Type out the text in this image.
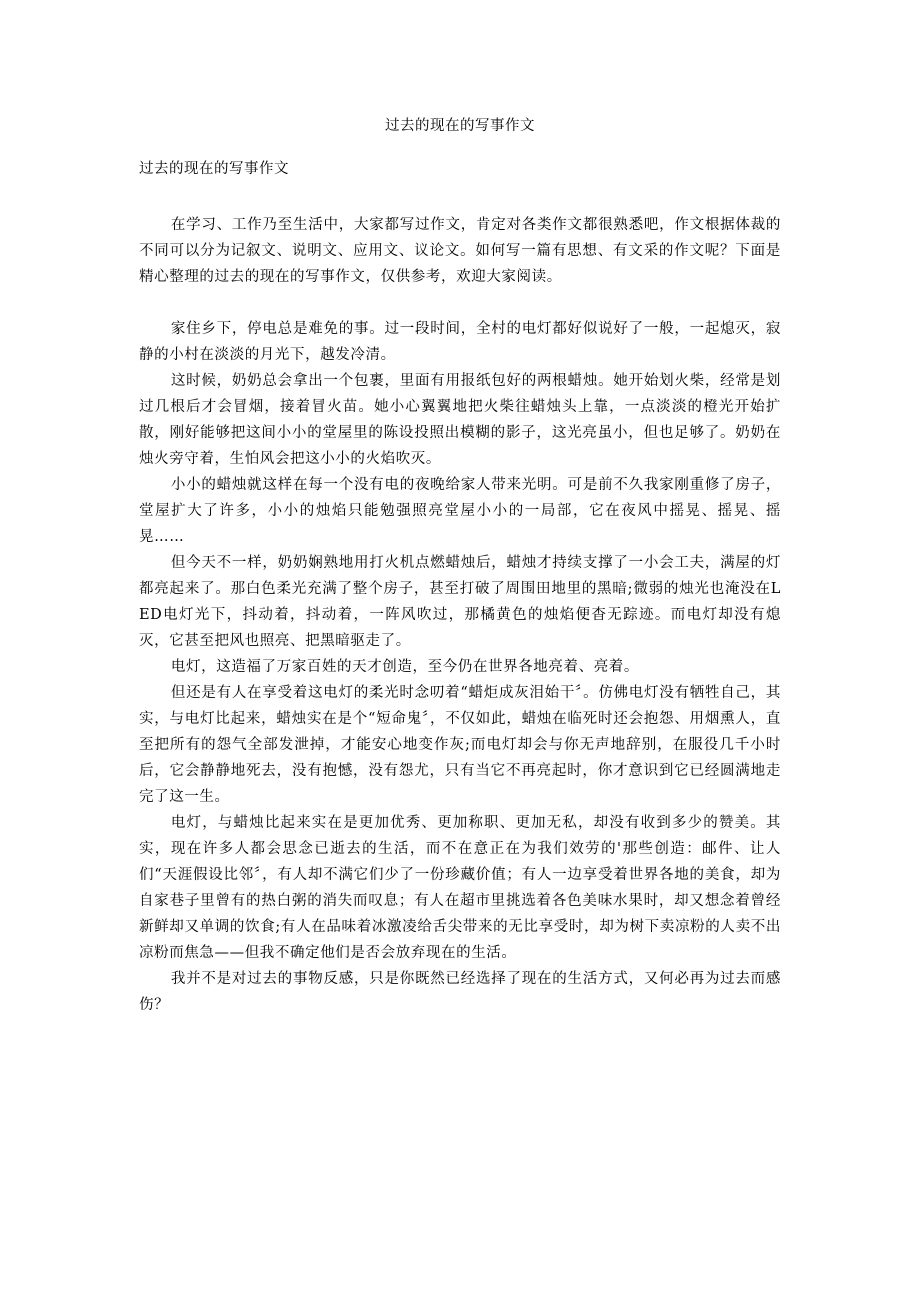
过去的现在的写事作文
过去的现在的写事作文

在学习、工作乃至生活中，大家都写过作文，肯定对各类作文都很熟悉吧，作文根据体裁的不同可以分为记叙文、说明文、应用文、议论文。如何写一篇有思想、有文采的作文呢？下面是精心整理的过去的现在的写事作文，仅供参考，欢迎大家阅读。

家住乡下，停电总是难免的事。过一段时间，全村的电灯都好似说好了一般，一起熄灭，寂静的小村在淡淡的月光下，越发冷清。

这时候，奶奶总会拿出一个包裹，里面有用报纸包好的两根蜡烛。她开始划火柴，经常是划过几根后才会冒烟，接着冒火苗。她小心翼翼地把火柴往蜡烛头上靠，一点淡淡的橙光开始扩散，刚好能够把这间小小的堂屋里的陈设投照出模糊的影子，这光亮虽小，但也足够了。奶奶在烛火旁守着，生怕风会把这小小的火焰吹灭。

小小的蜡烛就这样在每一个没有电的夜晚给家人带来光明。可是前不久我家刚重修了房子，堂屋扩大了许多，小小的烛焰只能勉强照亮堂屋小小的一局部，它在夜风中摇晃、摇晃、摇晃……

但今天不一样，奶奶娴熟地用打火机点燃蜡烛后，蜡烛才持续支撑了一小会工夫，满屋的灯都亮起来了。那白色柔光充满了整个房子，甚至打破了周围田地里的黑暗;微弱的烛光也淹没在LED电灯光下，抖动着，抖动着，一阵风吹过，那橘黄色的烛焰便杳无踪迹。而电灯却没有熄灭，它甚至把风也照亮、把黑暗驱走了。

电灯，这造福了万家百姓的天才创造，至今仍在世界各地亮着、亮着。

但还是有人在享受着这电灯的柔光时念叨着“蜡炬成灰泪始干〞。仿佛电灯没有牺牲自己，其实，与电灯比起来，蜡烛实在是个“短命鬼〞，不仅如此，蜡烛在临死时还会抱怨、用烟熏人，直至把所有的怨气全部发泄掉，才能安心地变作灰;而电灯却会与你无声地辞别，在服役几千小时后，它会静静地死去，没有抱憾，没有怨尤，只有当它不再亮起时，你才意识到它已经圆满地走完了这一生。

电灯，与蜡烛比起来实在是更加优秀、更加称职、更加无私，却没有收到多少的赞美。其实，现在许多人都会思念已逝去的生活，而不在意正在为我们效劳的'那些创造：邮件、让人们“天涯假设比邻〞，有人却不满它们少了一份珍藏价值；有人一边享受着世界各地的美食，却为自家巷子里曾有的热白粥的消失而叹息；有人在超市里挑选着各色美味水果时，却又想念着曾经新鲜却又单调的饮食;有人在品味着冰激凌给舌尖带来的无比享受时，却为树下卖凉粉的人卖不出凉粉而焦急——但我不确定他们是否会放弃现在的生活。

我并不是对过去的事物反感，只是你既然已经选择了现在的生活方式，又何必再为过去而感伤？
